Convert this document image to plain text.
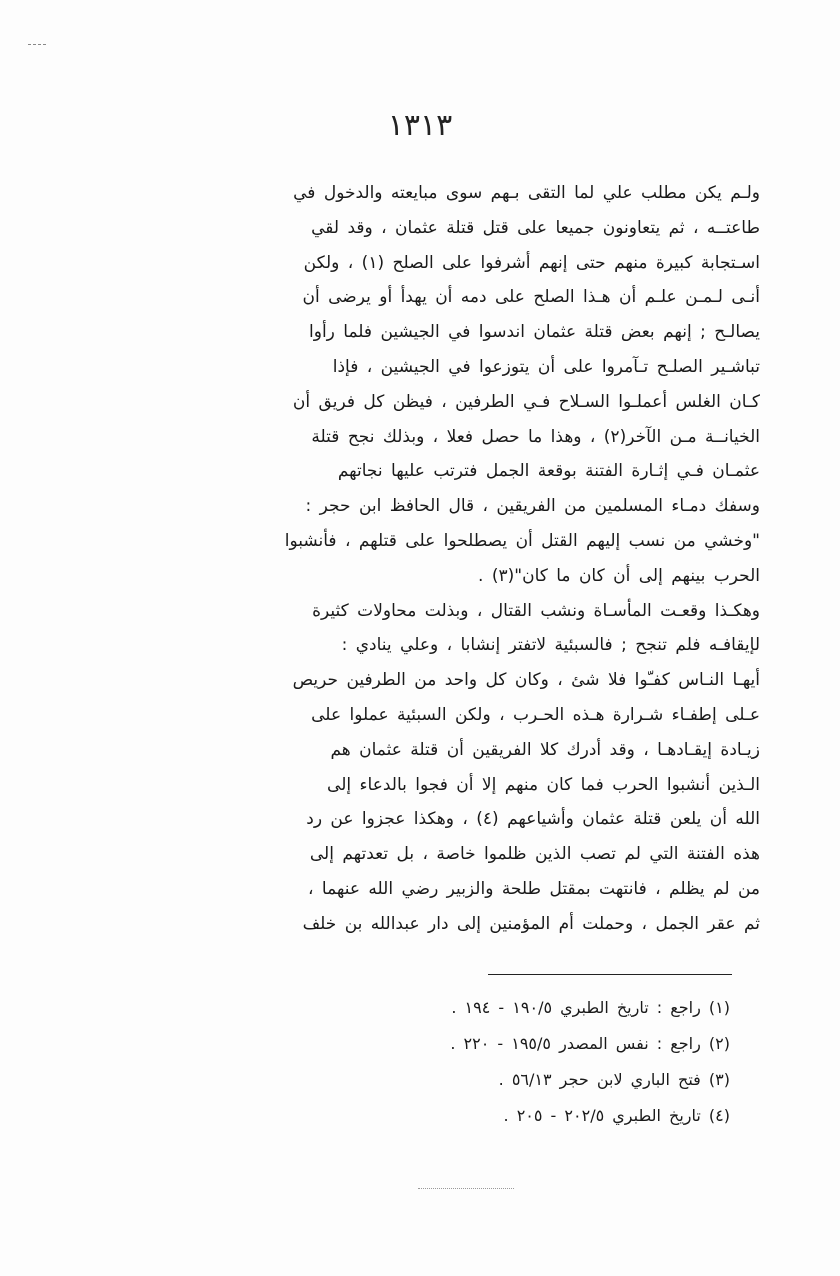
١٣١٣
ولـم يكن مطلب علي لما التقى بـهم سوى مبايعته والدخول في
طاعتــه ، ثم يتعاونون جميعا على قتل قتلة عثمان ، وقد لقي
اسـتجابة كبيرة منهم حتى إنهم أشرفوا على الصلح (١) ، ولكن
أنـى لـمـن علـم أن هـذا الصلح على دمه أن يهدأ أو يرضى أن
يصالـح ; إنهم بعض قتلة عثمان اندسوا في الجيشين فلما رأوا
تباشـير الصلـح تـآمروا على أن يتوزعوا في الجيشين ، فإذا
كـان الغلس أعملـوا السـلاح فـي الطرفين ، فيظن كل فريق أن
الخيانــة مـن الآخر(٢) ، وهذا ما حصل فعلا ، وبذلك نجح قتلة
عثمـان فـي إثـارة الفتنة بوقعة الجمل فترتب عليها نجاتهم
وسفك دمـاء المسلمين من الفريقين ، قال الحافظ ابن حجر :
"وخشي من نسب إليهم القتل أن يصطلحوا على قتلهم ، فأنشبوا
الحرب بينهم إلى أن كان ما كان"(٣) .
وهكـذا وقعـت المأسـاة ونشب القتال ، وبذلت محاولات كثيرة
لإيقافـه فلم تنجح ; فالسبئية لاتفتر إنشابا ، وعلي ينادي :
أيهـا النـاس كفـّوا فلا شئ ، وكان كل واحد من الطرفين حريص
عـلى إطفـاء شـرارة هـذه الحـرب ، ولكن السبئية عملوا على
زيـادة إيقـادهـا ، وقد أدرك كلا الفريقين أن قتلة عثمان هم
الـذين أنشبوا الحرب فما كان منهم إلا أن فجوا بالدعاء إلى
الله أن يلعن قتلة عثمان وأشياعهم (٤) ، وهكذا عجزوا عن رد
هذه الفتنة التي لم تصب الذين ظلموا خاصة ، بل تعدتهم إلى
من لم يظلم ، فانتهت بمقتل طلحة والزبير رضي الله عنهما ،
ثم عقر الجمل ، وحملت أم المؤمنين إلى دار عبدالله بن خلف
(١) راجع : تاريخ الطبري ١٩٠/٥ - ١٩٤ .
(٢) راجع : نفس المصدر ١٩٥/٥ - ٢٢٠ .
(٣) فتح الباري لابن حجر ٥٦/١٣ .
(٤) تاريخ الطبري ٢٠٢/٥ - ٢٠٥ .
